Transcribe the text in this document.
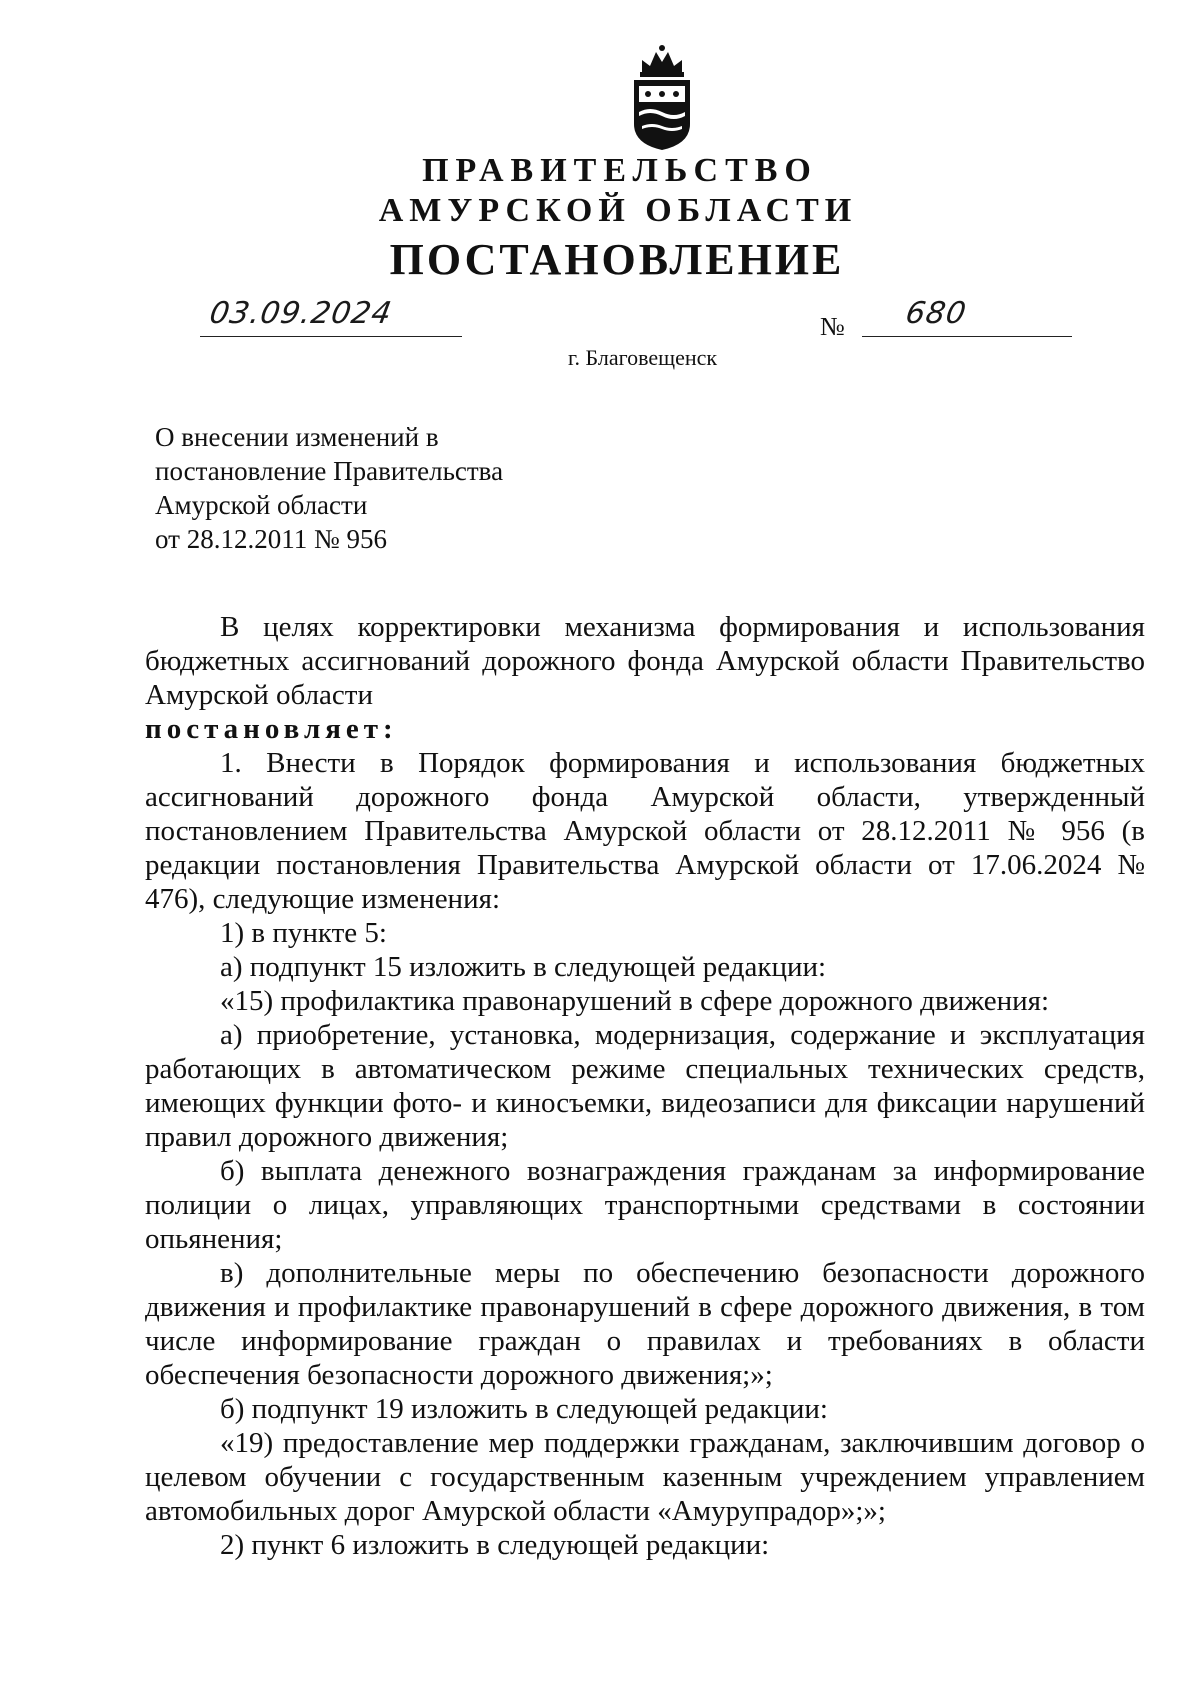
ПРАВИТЕЛЬСТВО
АМУРСКОЙ ОБЛАСТИ
ПОСТАНОВЛЕНИЕ
03.09.2024	№ 680
г. Благовещенск
О внесении изменений в
постановление Правительства
Амурской области
от 28.12.2011 № 956

В целях корректировки механизма формирования и использования бюджетных ассигнований дорожного фонда Амурской области Правительство Амурской области

постановляет:

1. Внести в Порядок формирования и использования бюджетных ассигнований дорожного фонда Амурской области, утвержденный постановлением Правительства Амурской области от 28.12.2011 № 956 (в редакции постановления Правительства Амурской области от 17.06.2024 № 476), следующие изменения:

1) в пункте 5:

а) подпункт 15 изложить в следующей редакции:

«15) профилактика правонарушений в сфере дорожного движения:

а) приобретение, установка, модернизация, содержание и эксплуатация работающих в автоматическом режиме специальных технических средств, имеющих функции фото- и киносъемки, видеозаписи для фиксации нарушений правил дорожного движения;

б) выплата денежного вознаграждения гражданам за информирование полиции о лицах, управляющих транспортными средствами в состоянии опьянения;

в) дополнительные меры по обеспечению безопасности дорожного движения и профилактике правонарушений в сфере дорожного движения, в том числе информирование граждан о правилах и требованиях в области обеспечения безопасности дорожного движения;»;

б) подпункт 19 изложить в следующей редакции:

«19) предоставление мер поддержки гражданам, заключившим договор о целевом обучении с государственным казенным учреждением управлением автомобильных дорог Амурской области «Амурупрадор»;»;

2) пункт 6 изложить в следующей редакции:
